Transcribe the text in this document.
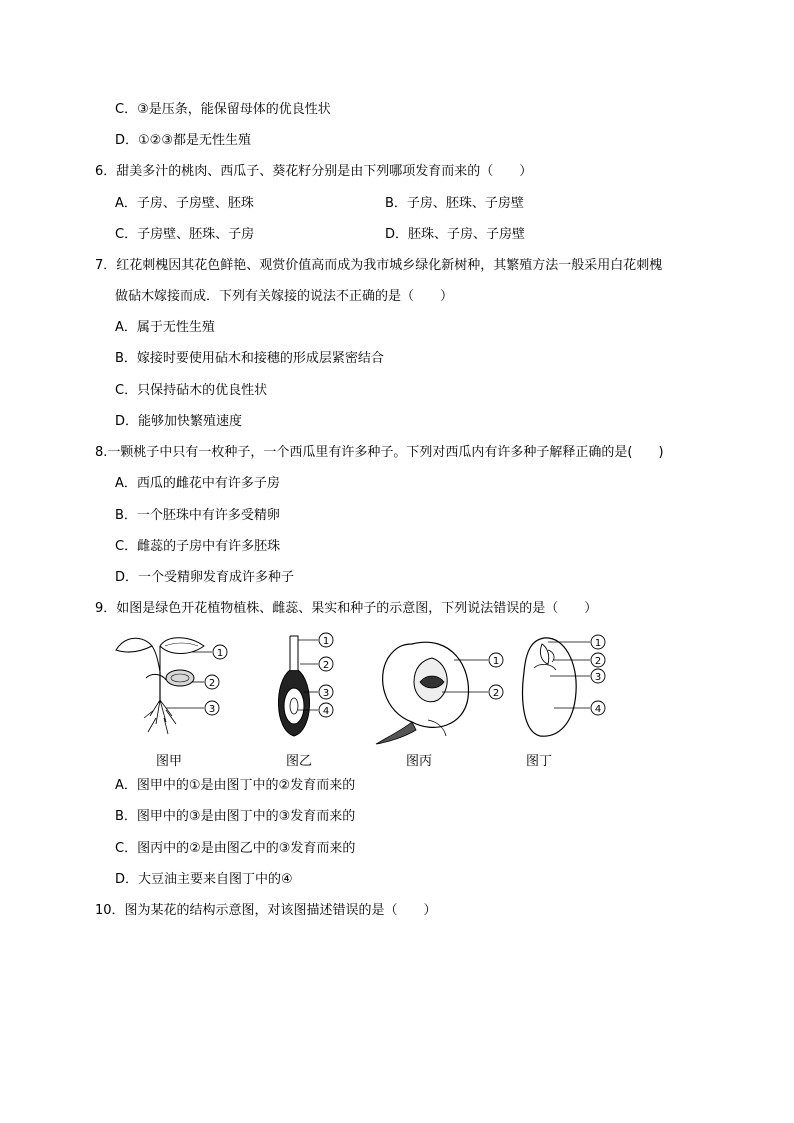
C．③是压条，能保留母体的优良性状
D．①②③都是无性生殖
6．甜美多汁的桃肉、西瓜子、葵花籽分别是由下列哪项发育而来的（　　）
A．子房、子房壁、胚珠	B．子房、胚珠、子房壁
C．子房壁、胚珠、子房	D．胚珠、子房、子房壁
7．红花刺槐因其花色鲜艳、观赏价值高而成为我市城乡绿化新树种，其繁殖方法一般采用白花刺槐
做砧木嫁接而成．下列有关嫁接的说法不正确的是（　　）
A．属于无性生殖
B．嫁接时要使用砧木和接穗的形成层紧密结合
C．只保持砧木的优良性状
D．能够加快繁殖速度
8.一颗桃子中只有一枚种子，一个西瓜里有许多种子。下列对西瓜内有许多种子解释正确的是(　　)
A．西瓜的雌花中有许多子房
B．一个胚珠中有许多受精卵
C．雌蕊的子房中有许多胚珠
D．一个受精卵发育成许多种子
9．如图是绿色开花植物植株、雌蕊、果实和种子的示意图，下列说法错误的是（　　）
1
2
3
1
2
3
4
1
2
1
2
3
4
图甲	图乙	图丙	图丁
A．图甲中的①是由图丁中的②发育而来的
B．图甲中的③是由图丁中的③发育而来的
C．图丙中的②是由图乙中的③发育而来的
D．大豆油主要来自图丁中的④
10．图为某花的结构示意图，对该图描述错误的是（　　）
